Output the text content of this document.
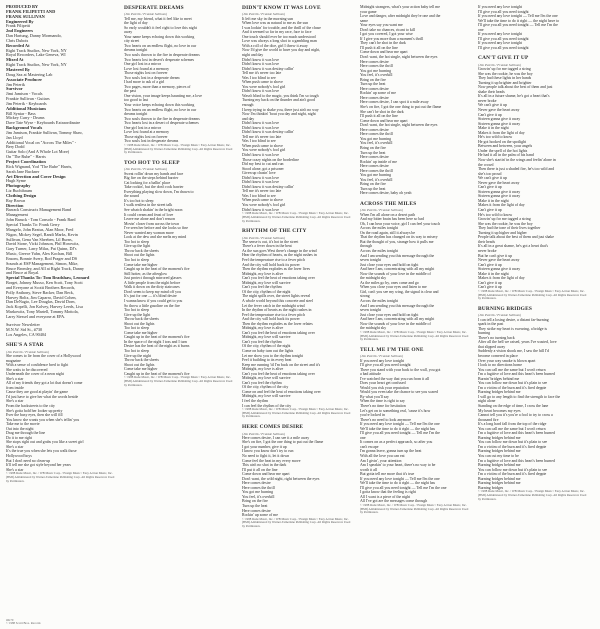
PRODUCED BY
FRANK FILIPETTI AND
FRANK SULLIVAN
Engineered By
Frank Filipetti
2nd Engineers
Dan Hartung, Danny Mormando,
Chris Dubois
Recorded At
Right Track Studios, New York, NY
Royal Recorders, Lake Geneva, WI
Mixed At
Right Track Studios, New York, NY
Mastered By
Doug Sax at Mastering Lab
Associate Producer
Jim Peterik
Survivor
Jimi Jamison - Vocals
Frankie Sullivan - Guitars
Jim Peterik - Keyboards
Additional Musicians
Bill Syniar - Bass
Mickey Curry - Drums
Dave Tate Wyse - Keyboards Extraordinaire
Background Vocals
Jim Jamison, Frankie Sullivan, Tommy Shaw,
Jan Lloyd
Additional Vocal on "Across The Miles" -
Bery Dodd
Guitar Solo (And A Whole Lot More)
On "The Rube" - Harris
Project Coordination
Rick Wignand, Yod "The Rube" Harris,
Sarah Jane Buckner
Art Direction and Cover Design
Hugh Syme
Photography
Liz Buchibaum
Clothing Design
Ray Brown
Direction
Barrack Constructs Management Band
Management
John Baruck - Tom Consolo - Frank Bard
Special Thanks To: Frank Gerry
Mangelo, John Beatus, Alan Moor, Fred
Nigon, Mickey Segel, Randi Marks, Kevin
Sullivan, Gena Van Sheeben, Lil Burns,
David Stone, Vicki Johnson, Phil Horowitz,
Gary Turner, Larry Milas, Pat Quinn, DJ's
Music, Greece Yahn, Alex Kochan, Bill
Ensom, Bonnie Avery, Rod Prager and DS
Sounds at ESP Management, Simon, Mike,
Bruce Bromley, and All at Right Track, Danny
and Bruce at Royal.
Special Thanks To: Tom Bradshaw, Leonard
Borget, Johnny Musso, Ken Scott, Tony Scott
and Everyone at Scotti Brothers Records,
Polly Anthony, Steve Backer, Dan Beck,
Harvey Boltz, Jim Caparro, David Cohen,
Dan DeNagio, Lee Douglas, David Dorn,
Jack Kopelli, Jon Kolvey, Harvey Leeds, Lisa
Markowitz, Tony Martell, Tommy Mottola,
Larry Stessel and everyone at EPA.
Survivor Newsletter
M.N.W. Sid St., #730
Los Angeles, CA 90404
SHE'S A STAR
(Jim Peterik / Frankie Sullivan)
She comes to lie from the cover of a Hollywood
magazine
With a sense of confidence bred to fight
She waits to be discovered
Underneath the cover of a neon night
She's a star
All of my friends they got a lot that doesn't come
from inside
Cause they are good at playin' the game
I'd just have to give her what the words beside
She's a star
From the backstreets to the city
She's gotta hold her looker up pretty
Ever the busy eyes, then she will fill
You know she wants you when she's tellin' you
Take me to the movie
Out into the night
Drag me through the line
Do it to me right
She stops right out and grabs you like a sweet girl
She's a star
It's the true you when she lets you walk those
Hollywood boys
But I don't need no clean-up
It'll tell me she got style beyond her years
She's a star
© 1988 Rude Music, Inc. / WB Music Corp. / Ensign Music / Easy Action Music, Inc. (BMI) Administered by Warner-Tamerlane Publishing Corp. All Rights Reserved. Used by Permission.
DESPERATE DREAMS
(Jim Peterik / Frankie Sullivan)
Tell me, my friend, what it feel like to meet
the light of day
So early wouldn't it feel right to love this night
away
Your name keeps echoing down this working
city street
Two hearts on an endless flight, no love in our
dreams tonight
Two souls thrown to the fire in desperate dreams
Two hearts lost in desert's desperate schemes
One girl lost in a mirror
Love lost found at a memory
Those nights lost on forever
Two souls lost in a desperate dream
I had more to ask of a girl
Two pages, more than a memory, pieces of
the past
One vision, your image keeps haunting me, a love
too good to last
Your voice keeps echoing down this working
Two hearts on an endless flight, no love in our
dreams tonight
Two souls thrown to the fire in desperate dreams
Two hearts lost in a desert of desperate schemes
One girl lost in a mirror
Love lost found at a memory
Those nights lost on forever
Two souls lost in desperate dreams
© 1988 Rude Music, Inc. / WB Music Corp. / Ensign Music / Easy Action Music, Inc. (BMI) Administered by Warner-Tamerlane Publishing Corp. All Rights Reserved. Used by Permission.
TOO HOT TO SLEEP
(Jim Peterik / Frankie Sullivan)
Sweat rollin' down my hands and face
Big fire on the steps behind barrier
Cat looking for a ballin' place
Take rockin', but the don't rock barrier
Everything playing slow down, I'm drawn to
the sound
It's too hot to sleep
I walk restless in the street talk
See whatch shakin' in the bright noon
It could cream and feast of love
Leave me alone and don't reason
Movin' closer from across the town
I've seen her before and she looks so fine
Never wanted any woman more
Look at the dew and she melts my mind
Too hot to sleep
Give up the light
Throw back the sheets
Shoot out the lights
Too hot to sleep
Come take me higher
Caught up in the heat of the moment's fire
Still hotter, as the afterglow
Just protect through mirrored glasses
A little people from the night before
Walk it down on the dirty staircases
Don't seem to keep my mind off you
It's just for one — it's blind desire
I wanna know if you could get to you
So throw a little gasoline on the fire
Too hot to sleep
Give up the light
Throw back the sheets
Shoot out the lights
Too hot to sleep
Come take me higher
Caught up in the heat of the moment's fire
In the space of the night I toss and I turn
Desire has the heat of the night as it burns
Too hot to sleep
Give up the night
Throw back the sheets
Shoot out the lights
Come take me higher
Caught up in the heat of the moment's fire
© 1988 Rude Music, Inc. / WB Music Corp. / Ensign Music / Easy Action Music, Inc. (BMI) Administered by Warner-Tamerlane Publishing Corp. All Rights Reserved. Used by Permission.
DIDN'T KNOW IT WAS LOVE
(Jim Peterik / Frankie Sullivan)
It left me sky in the morning sun
When love was as natural to me as the sun
I was lookin' for trouble, and the thrill of the chase
And it seemed so far in my race, face to face
One touch should ever be too much understood
Love was always a long shot to a gambling man
With a roll of the dice, girl I threw it away
Now I'd give the world to have you day and night,
night and day
Didn't know it was love
Didn't know it was love
Didn't know it was destiny callin'
Tell me it's never too late
Was I too blind to see
When push came to shove
You were nobody's fool girl
Didn't know it was love
Wasn't blind to the magic, you think I'm so tough
Turning my back on the thunder and ain't good
enough
I keep trying to shake you, there just ain't no way
Now I'm thinkin' 'bout you day and night, night
and day
Didn't know it was love
Didn't know it was love
Didn't know it was destiny callin'
Tell me it's never too late
Was I too blind to see
When push came to shove
You were nobody's fool girl
Didn't know it was love
Those crazy nights on the borderline
Did my best to cut and run
Stood alone, got a prisoner
Given up chasin' love
Didn't know it was love
Didn't know it was love
Didn't know it was destiny callin'
Tell me it's never too late
Was I too blind to see
When push came to shove
You were nobody's fool girl
Didn't know it was love
© 1988 Rude Music, Inc. / WB Music Corp. / Ensign Music / Easy Action Music, Inc. (BMI) Administered by Warner-Tamerlane Publishing Corp. All Rights Reserved. Used by Permission.
RHYTHM OF THE CITY
(Jim Peterik / Frankie Sullivan)
The sense is out, it's hot in the street
There's a fever down in the beat
As the sun goes West there's change in the wind
Hear the rhythm of hearts, as the night rushes in
Feel the temperature rise to a fever pitch
And the city will hold back its power
Then the rhythm explodes as the lover lives
Midnight, my love is alive
Can't you feel the heat of emotions taking over
Midnight, my love will survive
Can't you feel the rhythm
Of the city, rhythm of the night
The night spills over, the street lights reveal
A whole world beyond this concrete and steel
Let the fever catch in the midnight wind
In the rhythm of hearts as the night rushes in
Feel the temperature rise to a fever pitch
And the city will hold back its power
Then the rhythm explodes as the lover relates
Midnight, my love is alive
Can't you feel the heat of emotions taking over
Midnight, my love will survive
Can't you feel the rhythm
Of the city, rhythm of the night
Come on baby turn out the lights
Let me show you to the rhythm tonight
Feel it building to its every beat
Keep me running 'til I'm back on the street and it's
Midnight, my love is alive
Can't you feel the heat of emotions taking over
Midnight, my love will survive
Can't you feel the rhythm
Of the city, rhythm of the city
Come on and feel the heat of emotions taking over
Midnight, my love will survive
I feel the rhythm
I can feel the rhythm of the city
© 1988 Rude Music, Inc. / WB Music Corp. / Ensign Music / Easy Action Music, Inc. (BMI) Administered by Warner-Tamerlane Publishing Corp. All Rights Reserved. Used by Permission.
HERE COMES DESIRE
(Jim Peterik / Frankie Sullivan)
Here comes desire, I can see it a mile away
She's on fire, I got the one thing to put out the flame
I got your number, give it up
I know you know don't try to run
No need to fight it, let it down
Come feel the heat in my every move
This ain't no shot in the dark
I'll put it all on the line
Come down and hear me apart
Don't want, the wild night, right between the eyes
Here comes desire
Here comes the thrill
You got me burning
You feel, it's overkill
Bring on the fire
Turn up the heat
Here comes desire
Rockin' up some of me
© 1988 Rude Music, Inc. / WB Music Corp. / Ensign Music / Easy Action Music, Inc. (BMI) Administered by Warner-Tamerlane Publishing Corp. All Rights Reserved. Used by Permission.
Midnight strangers, what's your action baby tell me
your game
Love and danger, after midnight they're one and the
same
Your eyes say you want me
Don't take no chances, ricant to kill
I got you covered, I got your wise
If I give you more than a moment's thrill
They can't be shot in the dark
I'll push it all on the line
Come down and hear me apart
Don't want, the hot single, night between the eyes
Here comes desire
Here comes the thrill
You got me burning
You feel, it's overkill
Bring on the fire
Turn up the heat
Here comes desire
Rockin' up some of me
Here comes desire
Here comes desire, I can spot it a mile away
She's on fire, I got the one thing to put out the flame
She can't be shot in the dark
I'll push it all on the line
Come down and hear me apart
Don't want, the hot single, night between the eyes
Here comes desire
Here comes the thrill
You got me burning
You feel, it's overkill
Bring on the fire
Turn up the heat
Here comes desire
Rockin' up inside of me
Here comes desire
Here comes the thrill
You got me burning
You feel, it's overkill
Bring on the fire
Turn up the heat
Here comes desire, baby oh yeah
ACROSS THE MILES
(Jim Peterik / Frankie Sullivan)
When I'm all alone on a desert path
And my bitter brain has been here so bad
Oh, I can hear your voice, girl I can feel your touch
Across the miles tonight
On the road again, still it always be
That the rhythm has changed on its way to misery
But the thought of you, strange how it pulls me
through
Across the miles tonight
And I am sending you this message through the
seven tonight
Just close your eyes and hold on tight
And here I am, concentrating with all my might
Now the sounds of your love in the middle of
the midnight sky
As the miles go by, ones come and go
When you close your eyes and listen to me
Girl, can't you see my wing, the signal is clear and
strong
Across the miles tonight
And I am sending you this message through the
seven tonight
Just close your eyes and hold on tight
And here I am, concentrating with all my might
Now the sounds of your love in the middle of
the midnight sky
© 1988 Rude Music, Inc. / WB Music Corp. / Ensign Music / Easy Action Music, Inc. (BMI) Administered by Warner-Tamerlane Publishing Corp. All Rights Reserved. Used by Permission.
TELL ME I'M THE ONE
(Jim Peterik / Frankie Sullivan)
If you need any love tonight
I'll give you all you need tonight
There you stand with your back to the wall, you got
a bad attitude
I've watched the way that you run from it all
Does your heart get confused
Would you risk your reputation
Would you even take the chance to see you scared
By what you'll say
When the time is right to say
There's no time for hesitation
Let's get on to something real, 'cause it's how
you're locked in
There's no need to look anymore
If you need any love tonight — Tell me I'm the one
We'll take the time to do it right — the night has
I'll give you all you need tonight — Tell me I'm the
one
It comes on as a perfect approach, so after you
can't escape
I'm gonna leave, gonna turn up the heat
With all the love you can eat
Am I givin', your attention
Am I speakin' to your heart, there's no way to be
worth it all
But gotta tell me more that it's true
If you need any love tonight — Tell me I'm the one
We'll take the time to do it right — the night has
I'll give you all you need tonight — Tell me I'm the one
I gotta know that the feeling is right
All I want is a piece of the night
All I've got are the messages come through
© 1988 Rude Music, Inc. / WB Music Corp. / Ensign Music / Easy Action Music, Inc. (BMI) Administered by Warner-Tamerlane Publishing Corp. All Rights Reserved. Used by Permission.
If you need any love tonight
I'll give you all you need tonight
If you need any love tonight — Tell me I'm the one
We'll take the time to do it right — the night have to
I'll give you all you need tonight — Tell me I'm the
one
If you need any love tonight
I'll give you all you need tonight
If you need any love tonight
I'll give you all you need tonight
CAN'T GIVE IT UP
(Jim Peterik / Frankie Sullivan)
Growin' up for me tugged a string
She was the rookie, he was the boy
They had these lights in her hands
Turning it up brighter and brighter
Now people talk about the best of them and just
shake their heads
It's all in a future shame, he's got a heart that's
never broke
We can't give it up
Never gave the heart away
Can't give it up
Sixteen gonna give it away
Sixteen gonna give it away
Make it in the night
Makes it from the light of day
He's too wild to know
He got hooked on the spotlight
Between and between, your angels
Under the spell of the hot lights
He had it all in the palm of his hand
Now she's startin' in the wings and feelin' alone in
the crowd
Then there is just a shaded fire, he's too wild and
she's too proud
We can't give it up
Never gave the heart away
Can't give it up
Sixteen gonna give it away
Sixteen gonna give it away
Make it in the night
Makes it from the light of day
Can't give it up
He's too wild to know
Growin' up for me tugged a string
She was the rookie, he was the boy
They had the tone of their lives together
Turning it up higher and higher
People talk about the best of them and just shake
their heads
It's all in a great shame, he's got a heart that's
never broke
But he can't give it up
Never gave the heart away
Can't give it up
Sixteen gonna give it away
Make it in the night
Makes it from the light of day
Can't give it up
Can't give it up
© 1988 Rude Music, Inc. / WB Music Corp. / Ensign Music / Easy Action Music, Inc. (BMI) Administered by Warner-Tamerlane Publishing Corp. All Rights Reserved. Used by Permission.
BURNING BRIDGES
(Jim Peterik / Frankie Sullivan)
I can tell a losing desire, a distant far-burning
spark in the past
They strike my heart is swearing, a bridge is
burning
There's no turning back
After all the hell we raised, years I've wasted, love
that slipped away
Suddenly a vision shook me, I saw the hill I'd
become cornered in place
Over your way smoke is blown apart
I look to no directions home
You can call me the same but I won't return
I'm a fugitive of love and this heart's been burned
Burnin' bridges behind me
You can follow me down but it's plain to see
I'm a victim of the burn and it's fired deppie
Burning bridges behind me
I will go to any length to find the strength to face the
night alone
Standing on the edge of time, I cross the lane
My heart becomes my eyes
Cannot tell you it's you're a fool to try to cross a
thousand fire
It's a long hard fall from the top of the ridge
You can call me the same but I won't return
I'm a fugitive of love and this heart's been burned
Burning bridges behind me
You can follow me down but it's plain to see
I'm a victim of the burn and it's fired deppie
Burning bridges behind me
You can cut my time to be
I'm a fugitive of love and this heart's been burned
Burning bridges behind me
You can follow me down but it's plain to see
I'm a victim of the burn and it's fired deppie
Burning bridges behind me
Burning bridges behind me
Burning bridges
© 1988 Rude Music, Inc. / WB Music Corp. / Ensign Music / Easy Action Music, Inc. (BMI) Administered by Warner-Tamerlane Publishing Corp. All Rights Reserved. Used by Permission.
OK70
© 1988 Scotti Bros. Records
